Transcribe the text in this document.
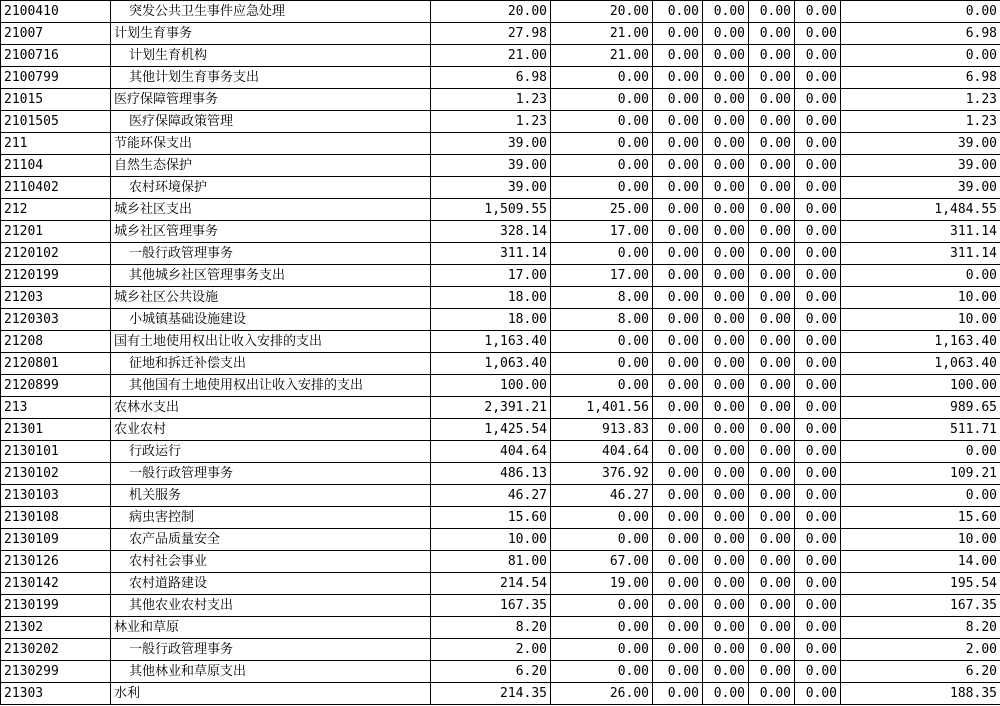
2100410	突发公共卫生事件应急处理	20.00	20.00	0.00	0.00	0.00	0.00	0.00
21007	计划生育事务	27.98	21.00	0.00	0.00	0.00	0.00	6.98
2100716	计划生育机构	21.00	21.00	0.00	0.00	0.00	0.00	0.00
2100799	其他计划生育事务支出	6.98	0.00	0.00	0.00	0.00	0.00	6.98
21015	医疗保障管理事务	1.23	0.00	0.00	0.00	0.00	0.00	1.23
2101505	医疗保障政策管理	1.23	0.00	0.00	0.00	0.00	0.00	1.23
211	节能环保支出	39.00	0.00	0.00	0.00	0.00	0.00	39.00
21104	自然生态保护	39.00	0.00	0.00	0.00	0.00	0.00	39.00
2110402	农村环境保护	39.00	0.00	0.00	0.00	0.00	0.00	39.00
212	城乡社区支出	1,509.55	25.00	0.00	0.00	0.00	0.00	1,484.55
21201	城乡社区管理事务	328.14	17.00	0.00	0.00	0.00	0.00	311.14
2120102	一般行政管理事务	311.14	0.00	0.00	0.00	0.00	0.00	311.14
2120199	其他城乡社区管理事务支出	17.00	17.00	0.00	0.00	0.00	0.00	0.00
21203	城乡社区公共设施	18.00	8.00	0.00	0.00	0.00	0.00	10.00
2120303	小城镇基础设施建设	18.00	8.00	0.00	0.00	0.00	0.00	10.00
21208	国有土地使用权出让收入安排的支出	1,163.40	0.00	0.00	0.00	0.00	0.00	1,163.40
2120801	征地和拆迁补偿支出	1,063.40	0.00	0.00	0.00	0.00	0.00	1,063.40
2120899	其他国有土地使用权出让收入安排的支出	100.00	0.00	0.00	0.00	0.00	0.00	100.00
213	农林水支出	2,391.21	1,401.56	0.00	0.00	0.00	0.00	989.65
21301	农业农村	1,425.54	913.83	0.00	0.00	0.00	0.00	511.71
2130101	行政运行	404.64	404.64	0.00	0.00	0.00	0.00	0.00
2130102	一般行政管理事务	486.13	376.92	0.00	0.00	0.00	0.00	109.21
2130103	机关服务	46.27	46.27	0.00	0.00	0.00	0.00	0.00
2130108	病虫害控制	15.60	0.00	0.00	0.00	0.00	0.00	15.60
2130109	农产品质量安全	10.00	0.00	0.00	0.00	0.00	0.00	10.00
2130126	农村社会事业	81.00	67.00	0.00	0.00	0.00	0.00	14.00
2130142	农村道路建设	214.54	19.00	0.00	0.00	0.00	0.00	195.54
2130199	其他农业农村支出	167.35	0.00	0.00	0.00	0.00	0.00	167.35
21302	林业和草原	8.20	0.00	0.00	0.00	0.00	0.00	8.20
2130202	一般行政管理事务	2.00	0.00	0.00	0.00	0.00	0.00	2.00
2130299	其他林业和草原支出	6.20	0.00	0.00	0.00	0.00	0.00	6.20
21303	水利	214.35	26.00	0.00	0.00	0.00	0.00	188.35
